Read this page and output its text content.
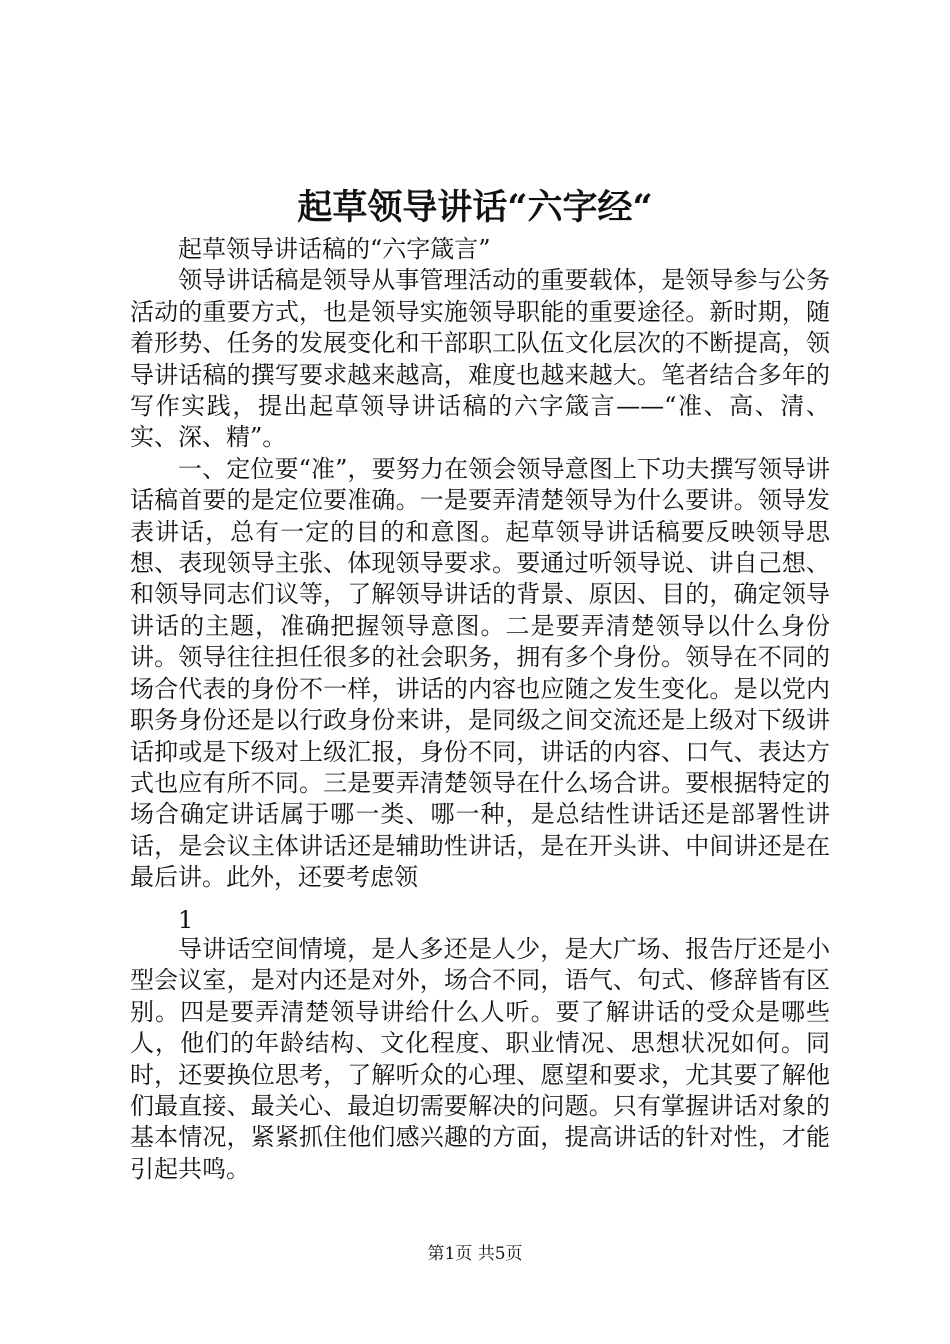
起草领导讲话“六字经“

起草领导讲话稿的“六字箴言”

领导讲话稿是领导从事管理活动的重要载体，是领导参与公务活动的重要方式，也是领导实施领导职能的重要途径。新时期，随着形势、任务的发展变化和干部职工队伍文化层次的不断提高，领导讲话稿的撰写要求越来越高，难度也越来越大。笔者结合多年的写作实践，提出起草领导讲话稿的六字箴言——“准、高、清、实、深、精”。

一、定位要“准”，要努力在领会领导意图上下功夫撰写领导讲话稿首要的是定位要准确。一是要弄清楚领导为什么要讲。领导发表讲话，总有一定的目的和意图。起草领导讲话稿要反映领导思想、表现领导主张、体现领导要求。要通过听领导说、讲自己想、和领导同志们议等，了解领导讲话的背景、原因、目的，确定领导讲话的主题，准确把握领导意图。二是要弄清楚领导以什么身份讲。领导往往担任很多的社会职务，拥有多个身份。领导在不同的场合代表的身份不一样，讲话的内容也应随之发生变化。是以党内职务身份还是以行政身份来讲，是同级之间交流还是上级对下级讲话抑或是下级对上级汇报，身份不同，讲话的内容、口气、表达方式也应有所不同。三是要弄清楚领导在什么场合讲。要根据特定的场合确定讲话属于哪一类、哪一种，是总结性讲话还是部署性讲话，是会议主体讲话还是辅助性讲话，是在开头讲、中间讲还是在最后讲。此外，还要考虑领

1

导讲话空间情境，是人多还是人少，是大广场、报告厅还是小型会议室，是对内还是对外，场合不同，语气、句式、修辞皆有区别。四是要弄清楚领导讲给什么人听。要了解讲话的受众是哪些人，他们的年龄结构、文化程度、职业情况、思想状况如何。同时，还要换位思考，了解听众的心理、愿望和要求，尤其要了解他们最直接、最关心、最迫切需要解决的问题。只有掌握讲话对象的基本情况，紧紧抓住他们感兴趣的方面，提高讲话的针对性，才能引起共鸣。

第1页 共5页
